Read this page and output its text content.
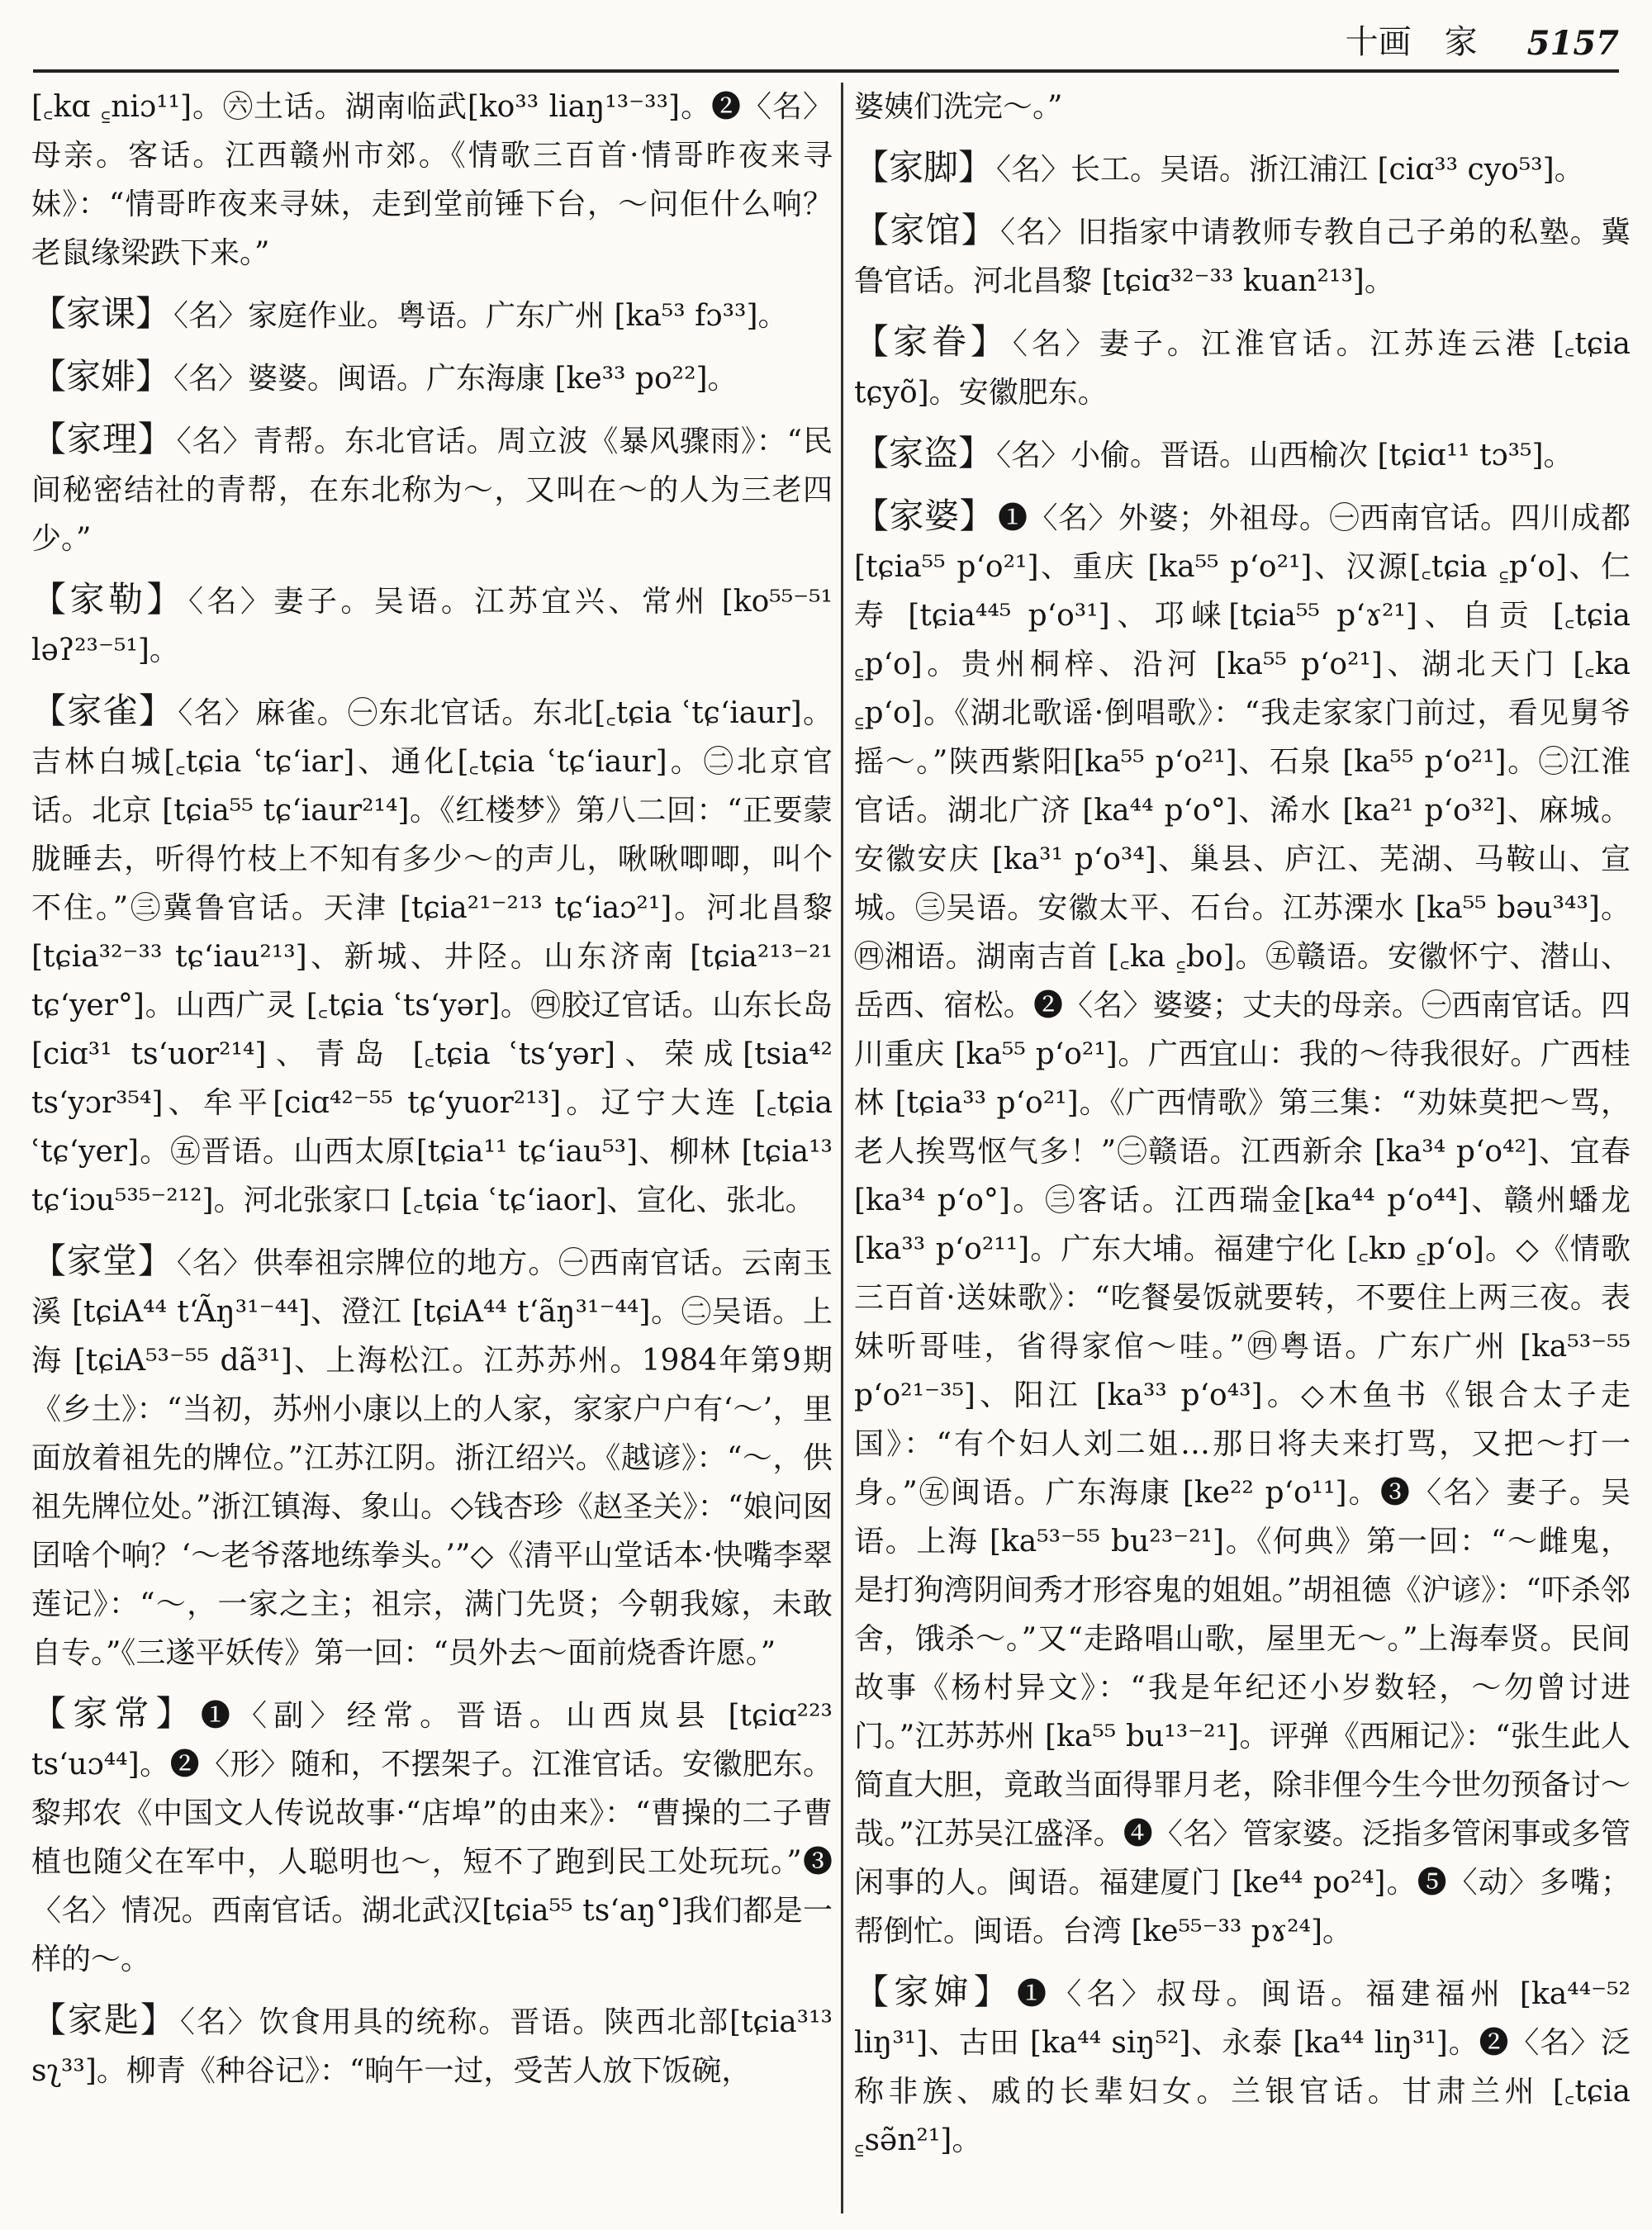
十画 家 5157
[꜀kɑ ꜁niɔ¹¹]。㊅土话。湖南临武[ko³³ liaŋ¹³⁻³³]。❷〈名〉母亲。客话。江西赣州市郊。《情歌三百首·情哥昨夜来寻妹》：“情哥昨夜来寻妹，走到堂前锤下台，～问佢什么响？老鼠缘梁跌下来。”
【家课】 〈名〉家庭作业。粤语。广东广州 [ka⁵³ fɔ³³]。
【家婔】 〈名〉婆婆。闽语。广东海康 [ke³³ po²²]。
【家理】 〈名〉青帮。东北官话。周立波《暴风骤雨》：“民间秘密结社的青帮，在东北称为～，又叫在～的人为三老四少。”
【家勒】 〈名〉妻子。吴语。江苏宜兴、常州 [ko⁵⁵⁻⁵¹ ləʔ²³⁻⁵¹]。
【家雀】 〈名〉麻雀。㊀东北官话。东北[꜀tɕia ʿtɕʻiaur]。吉林白城[꜀tɕia ʿtɕʻiar]、通化[꜀tɕia ʿtɕʻiaur]。㊁北京官话。北京 [tɕia⁵⁵ tɕʻiaur²¹⁴]。《红楼梦》第八二回：“正要蒙胧睡去，听得竹枝上不知有多少～的声儿，啾啾唧唧，叫个不住。”㊂冀鲁官话。天津 [tɕia²¹⁻²¹³ tɕʻiaɔ²¹]。河北昌黎 [tɕia³²⁻³³ tɕʻiau²¹³]、新城、井陉。山东济南 [tɕia²¹³⁻²¹ tɕʻyer°]。山西广灵 [꜀tɕia ʿtsʻyər]。㊃胶辽官话。山东长岛[ciɑ³¹ tsʻuor²¹⁴]、青岛 [꜀tɕia ʿtsʻyər]、荣成[tsia⁴² tsʻyɔr³⁵⁴]、牟平[ciɑ⁴²⁻⁵⁵ tɕʻyuor²¹³]。辽宁大连 [꜀tɕia ʿtɕʻyer]。㊄晋语。山西太原[tɕia¹¹ tɕʻiau⁵³]、柳林 [tɕia¹³ tɕʻiɔu⁵³⁵⁻²¹²]。河北张家口 [꜀tɕia ʿtɕʻiaor]、宣化、张北。
【家堂】 〈名〉供奉祖宗牌位的地方。㊀西南官话。云南玉溪 [tɕiA⁴⁴ tʻÃŋ³¹⁻⁴⁴]、澄江 [tɕiA⁴⁴ tʻãŋ³¹⁻⁴⁴]。㊁吴语。上海 [tɕiA⁵³⁻⁵⁵ dã³¹]、上海松江。江苏苏州。1984年第9期《乡土》：“当初，苏州小康以上的人家，家家户户有‘～’，里面放着祖先的牌位。”江苏江阴。浙江绍兴。《越谚》：“～，供祖先牌位处。”浙江镇海、象山。◇钱杏珍《赵圣关》：“娘问囡囝啥个响？‘～老爷落地练拳头。’”◇《清平山堂话本·快嘴李翠莲记》：“～，一家之主；祖宗，满门先贤；今朝我嫁，未敢自专。”《三遂平妖传》第一回：“员外去～面前烧香许愿。”
【家常】 ❶〈副〉经常。晋语。山西岚县 [tɕiɑ²²³ tsʻuɔ⁴⁴]。❷〈形〉随和，不摆架子。江淮官话。安徽肥东。黎邦农《中国文人传说故事·“店埠”的由来》：“曹操的二子曹植也随父在军中，人聪明也～，短不了跑到民工处玩玩。”❸〈名〉情况。西南官话。湖北武汉[tɕia⁵⁵ tsʻaŋ°]我们都是一样的～。
【家匙】 〈名〉饮食用具的统称。晋语。陕西北部[tɕia³¹³ sʅ³³]。柳青《种谷记》：“晌午一过，受苦人放下饭碗，
婆姨们洗完～。”
【家脚】 〈名〉长工。吴语。浙江浦江 [ciɑ³³ cyo⁵³]。
【家馆】 〈名〉旧指家中请教师专教自己子弟的私塾。冀鲁官话。河北昌黎 [tɕiɑ³²⁻³³ kuan²¹³]。
【家眷】 〈名〉妻子。江淮官话。江苏连云港 [꜀tɕia tɕyõ]。安徽肥东。
【家盗】 〈名〉小偷。晋语。山西榆次 [tɕiɑ¹¹ tɔ³⁵]。
【家婆】 ❶〈名〉外婆；外祖母。㊀西南官话。四川成都 [tɕia⁵⁵ pʻo²¹]、重庆 [ka⁵⁵ pʻo²¹]、汉源[꜀tɕia ꜁pʻo]、仁寿 [tɕia⁴⁴⁵ pʻo³¹]、邛崃[tɕia⁵⁵ pʻɤ²¹]、自贡 [꜀tɕia ꜁pʻo]。贵州桐梓、沿河 [ka⁵⁵ pʻo²¹]、湖北天门 [꜀ka ꜁pʻo]。《湖北歌谣·倒唱歌》：“我走家家门前过，看见舅爷摇～。”陕西紫阳[ka⁵⁵ pʻo²¹]、石泉 [ka⁵⁵ pʻo²¹]。㊁江淮官话。湖北广济 [ka⁴⁴ pʻo°]、浠水 [ka²¹ pʻo³²]、麻城。安徽安庆 [ka³¹ pʻo³⁴]、巢县、庐江、芜湖、马鞍山、宣城。㊂吴语。安徽太平、石台。江苏溧水 [ka⁵⁵ bəu³⁴³]。㊃湘语。湖南吉首 [꜀ka ꜁bo]。㊄赣语。安徽怀宁、潜山、岳西、宿松。❷〈名〉婆婆；丈夫的母亲。㊀西南官话。四川重庆 [ka⁵⁵ pʻo²¹]。广西宜山：我的～待我很好。广西桂林 [tɕia³³ pʻo²¹]。《广西情歌》第三集：“劝妹莫把～骂，老人挨骂怄气多！”㊁赣语。江西新余 [ka³⁴ pʻo⁴²]、宜春 [ka³⁴ pʻo°]。㊂客话。江西瑞金[ka⁴⁴ pʻo⁴⁴]、赣州蟠龙 [ka³³ pʻo²¹¹]。广东大埔。福建宁化 [꜀kɒ ꜁pʻo]。◇《情歌三百首·送妹歌》：“吃餐晏饭就要转，不要住上两三夜。表妹听哥哇，省得家倌～哇。”㊃粤语。广东广州 [ka⁵³⁻⁵⁵ pʻo²¹⁻³⁵]、阳江 [ka³³ pʻo⁴³]。◇木鱼书《银合太子走国》：“有个妇人刘二姐…那日将夫来打骂，又把～打一身。”㊄闽语。广东海康 [ke²² pʻo¹¹]。❸〈名〉妻子。吴语。上海 [ka⁵³⁻⁵⁵ bu²³⁻²¹]。《何典》第一回：“～雌鬼，是打狗湾阴间秀才形容鬼的姐姐。”胡祖德《沪谚》：“吓杀邻舍，饿杀～。”又“走路唱山歌，屋里无～。”上海奉贤。民间故事《杨村异文》：“我是年纪还小岁数轻，～勿曾讨进门。”江苏苏州 [ka⁵⁵ bu¹³⁻²¹]。评弹《西厢记》：“张生此人简直大胆，竟敢当面得罪月老，除非俚今生今世勿预备讨～哉。”江苏吴江盛泽。❹〈名〉管家婆。泛指多管闲事或多管闲事的人。闽语。福建厦门 [ke⁴⁴ po²⁴]。❺〈动〉多嘴；帮倒忙。闽语。台湾 [ke⁵⁵⁻³³ pɤ²⁴]。
【家婶】 ❶〈名〉叔母。闽语。福建福州 [ka⁴⁴⁻⁵² liŋ³¹]、古田 [ka⁴⁴ siŋ⁵²]、永泰 [ka⁴⁴ liŋ³¹]。❷〈名〉泛称非族、戚的长辈妇女。兰银官话。甘肃兰州 [꜀tɕia ꜁sə̃n²¹]。
